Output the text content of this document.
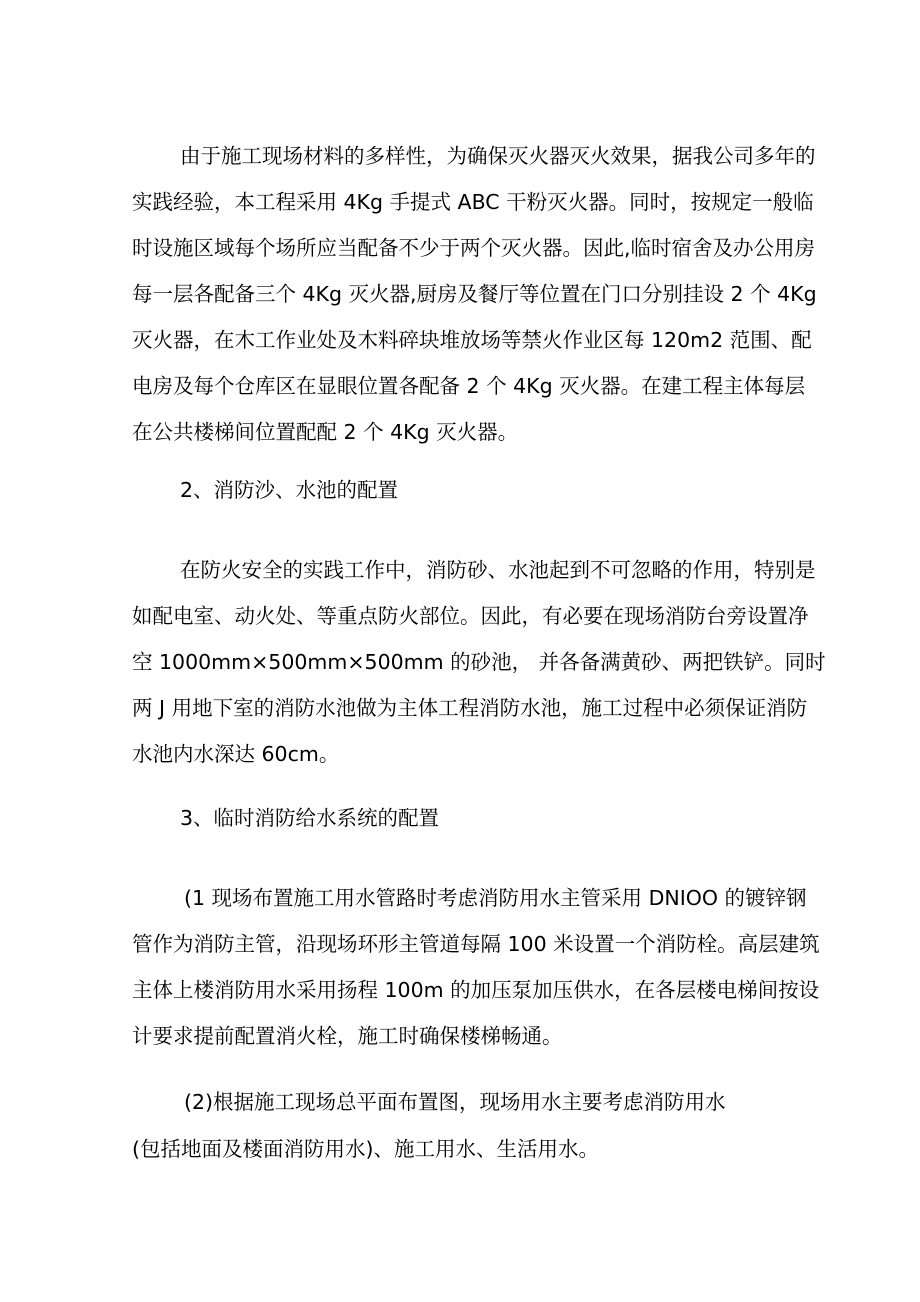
由于施工现场材料的多样性，为确保灭火器灭火效果，据我公司多年的
实践经验，本工程采用 4Kg 手提式 ABC 干粉灭火器。同时，按规定一般临
时设施区域每个场所应当配备不少于两个灭火器。因此,临时宿舍及办公用房
每一层各配备三个 4Kg 灭火器,厨房及餐厅等位置在门口分别挂设 2 个 4Kg
灭火器，在木工作业处及木料碎块堆放场等禁火作业区每 120m2 范围、配
电房及每个仓库区在显眼位置各配备 2 个 4Kg 灭火器。在建工程主体每层
在公共楼梯间位置配配 2 个 4Kg 灭火器。
2、消防沙、水池的配置
在防火安全的实践工作中，消防砂、水池起到不可忽略的作用，特别是
如配电室、动火处、等重点防火部位。因此，有必要在现场消防台旁设置净
空 1000mm×500mm×500mm 的砂池， 并各备满黄砂、两把铁铲。同时
两 J 用地下室的消防水池做为主体工程消防水池，施工过程中必须保证消防
水池内水深达 60cm。
3、临时消防给水系统的配置
(1 现场布置施工用水管路时考虑消防用水主管采用 DNIOO 的镀锌钢
管作为消防主管，沿现场环形主管道每隔 100 米设置一个消防栓。高层建筑
主体上楼消防用水采用扬程 100m 的加压泵加压供水，在各层楼电梯间按设
计要求提前配置消火栓，施工时确保楼梯畅通。
(2)根据施工现场总平面布置图，现场用水主要考虑消防用水
(包括地面及楼面消防用水)、施工用水、生活用水。
